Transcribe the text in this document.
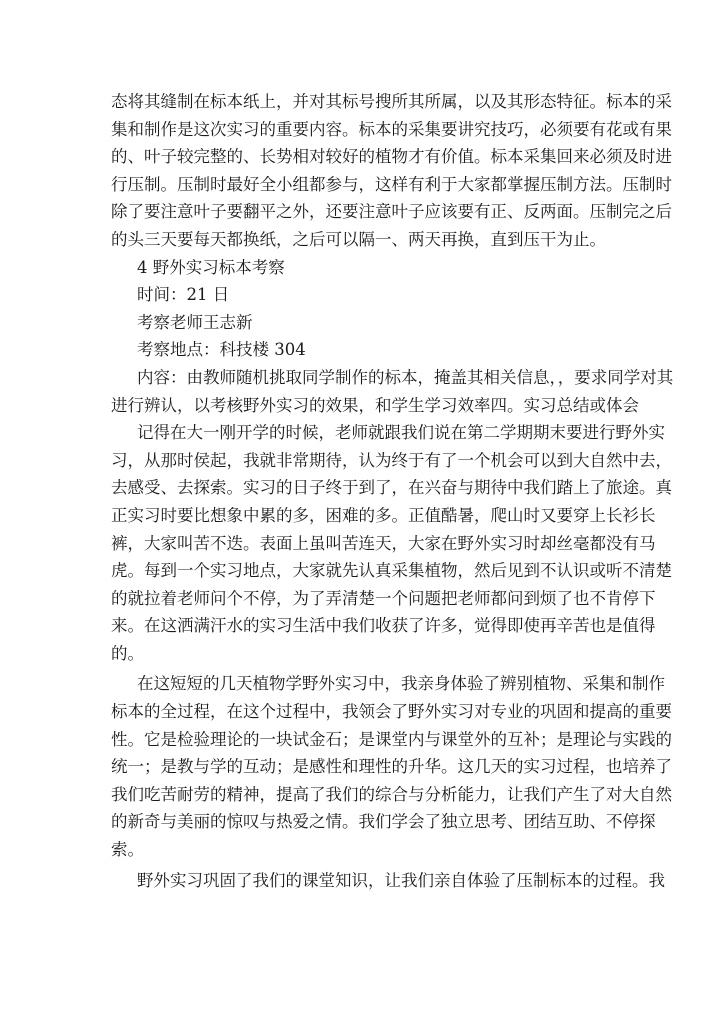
态将其缝制在标本纸上，并对其标号搜所其所属，以及其形态特征。标本的采
集和制作是这次实习的重要内容。标本的采集要讲究技巧，必须要有花或有果
的、叶子较完整的、长势相对较好的植物才有价值。标本采集回来必须及时进
行压制。压制时最好全小组都参与，这样有利于大家都掌握压制方法。压制时
除了要注意叶子要翻平之外，还要注意叶子应该要有正、反两面。压制完之后
的头三天要每天都换纸，之后可以隔一、两天再换，直到压干为止。
4 野外实习标本考察
时间：21 日
考察老师王志新
考察地点：科技楼 304
内容：由教师随机挑取同学制作的标本，掩盖其相关信息，，要求同学对其
进行辨认，以考核野外实习的效果，和学生学习效率四。实习总结或体会
记得在大一刚开学的时候，老师就跟我们说在第二学期期末要进行野外实
习，从那时侯起，我就非常期待，认为终于有了一个机会可以到大自然中去，
去感受、去探索。实习的日子终于到了，在兴奋与期待中我们踏上了旅途。真
正实习时要比想象中累的多，困难的多。正值酷暑，爬山时又要穿上长衫长
裤，大家叫苦不迭。表面上虽叫苦连天，大家在野外实习时却丝毫都没有马
虎。每到一个实习地点，大家就先认真采集植物，然后见到不认识或听不清楚
的就拉着老师问个不停，为了弄清楚一个问题把老师都问到烦了也不肯停下
来。在这洒满汗水的实习生活中我们收获了许多，觉得即使再辛苦也是值得
的。
在这短短的几天植物学野外实习中，我亲身体验了辨别植物、采集和制作
标本的全过程，在这个过程中，我领会了野外实习对专业的巩固和提高的重要
性。它是检验理论的一块试金石；是课堂内与课堂外的互补；是理论与实践的
统一；是教与学的互动；是感性和理性的升华。这几天的实习过程，也培养了
我们吃苦耐劳的精神，提高了我们的综合与分析能力，让我们产生了对大自然
的新奇与美丽的惊叹与热爱之情。我们学会了独立思考、团结互助、不停探
索。
野外实习巩固了我们的课堂知识，让我们亲自体验了压制标本的过程。我
